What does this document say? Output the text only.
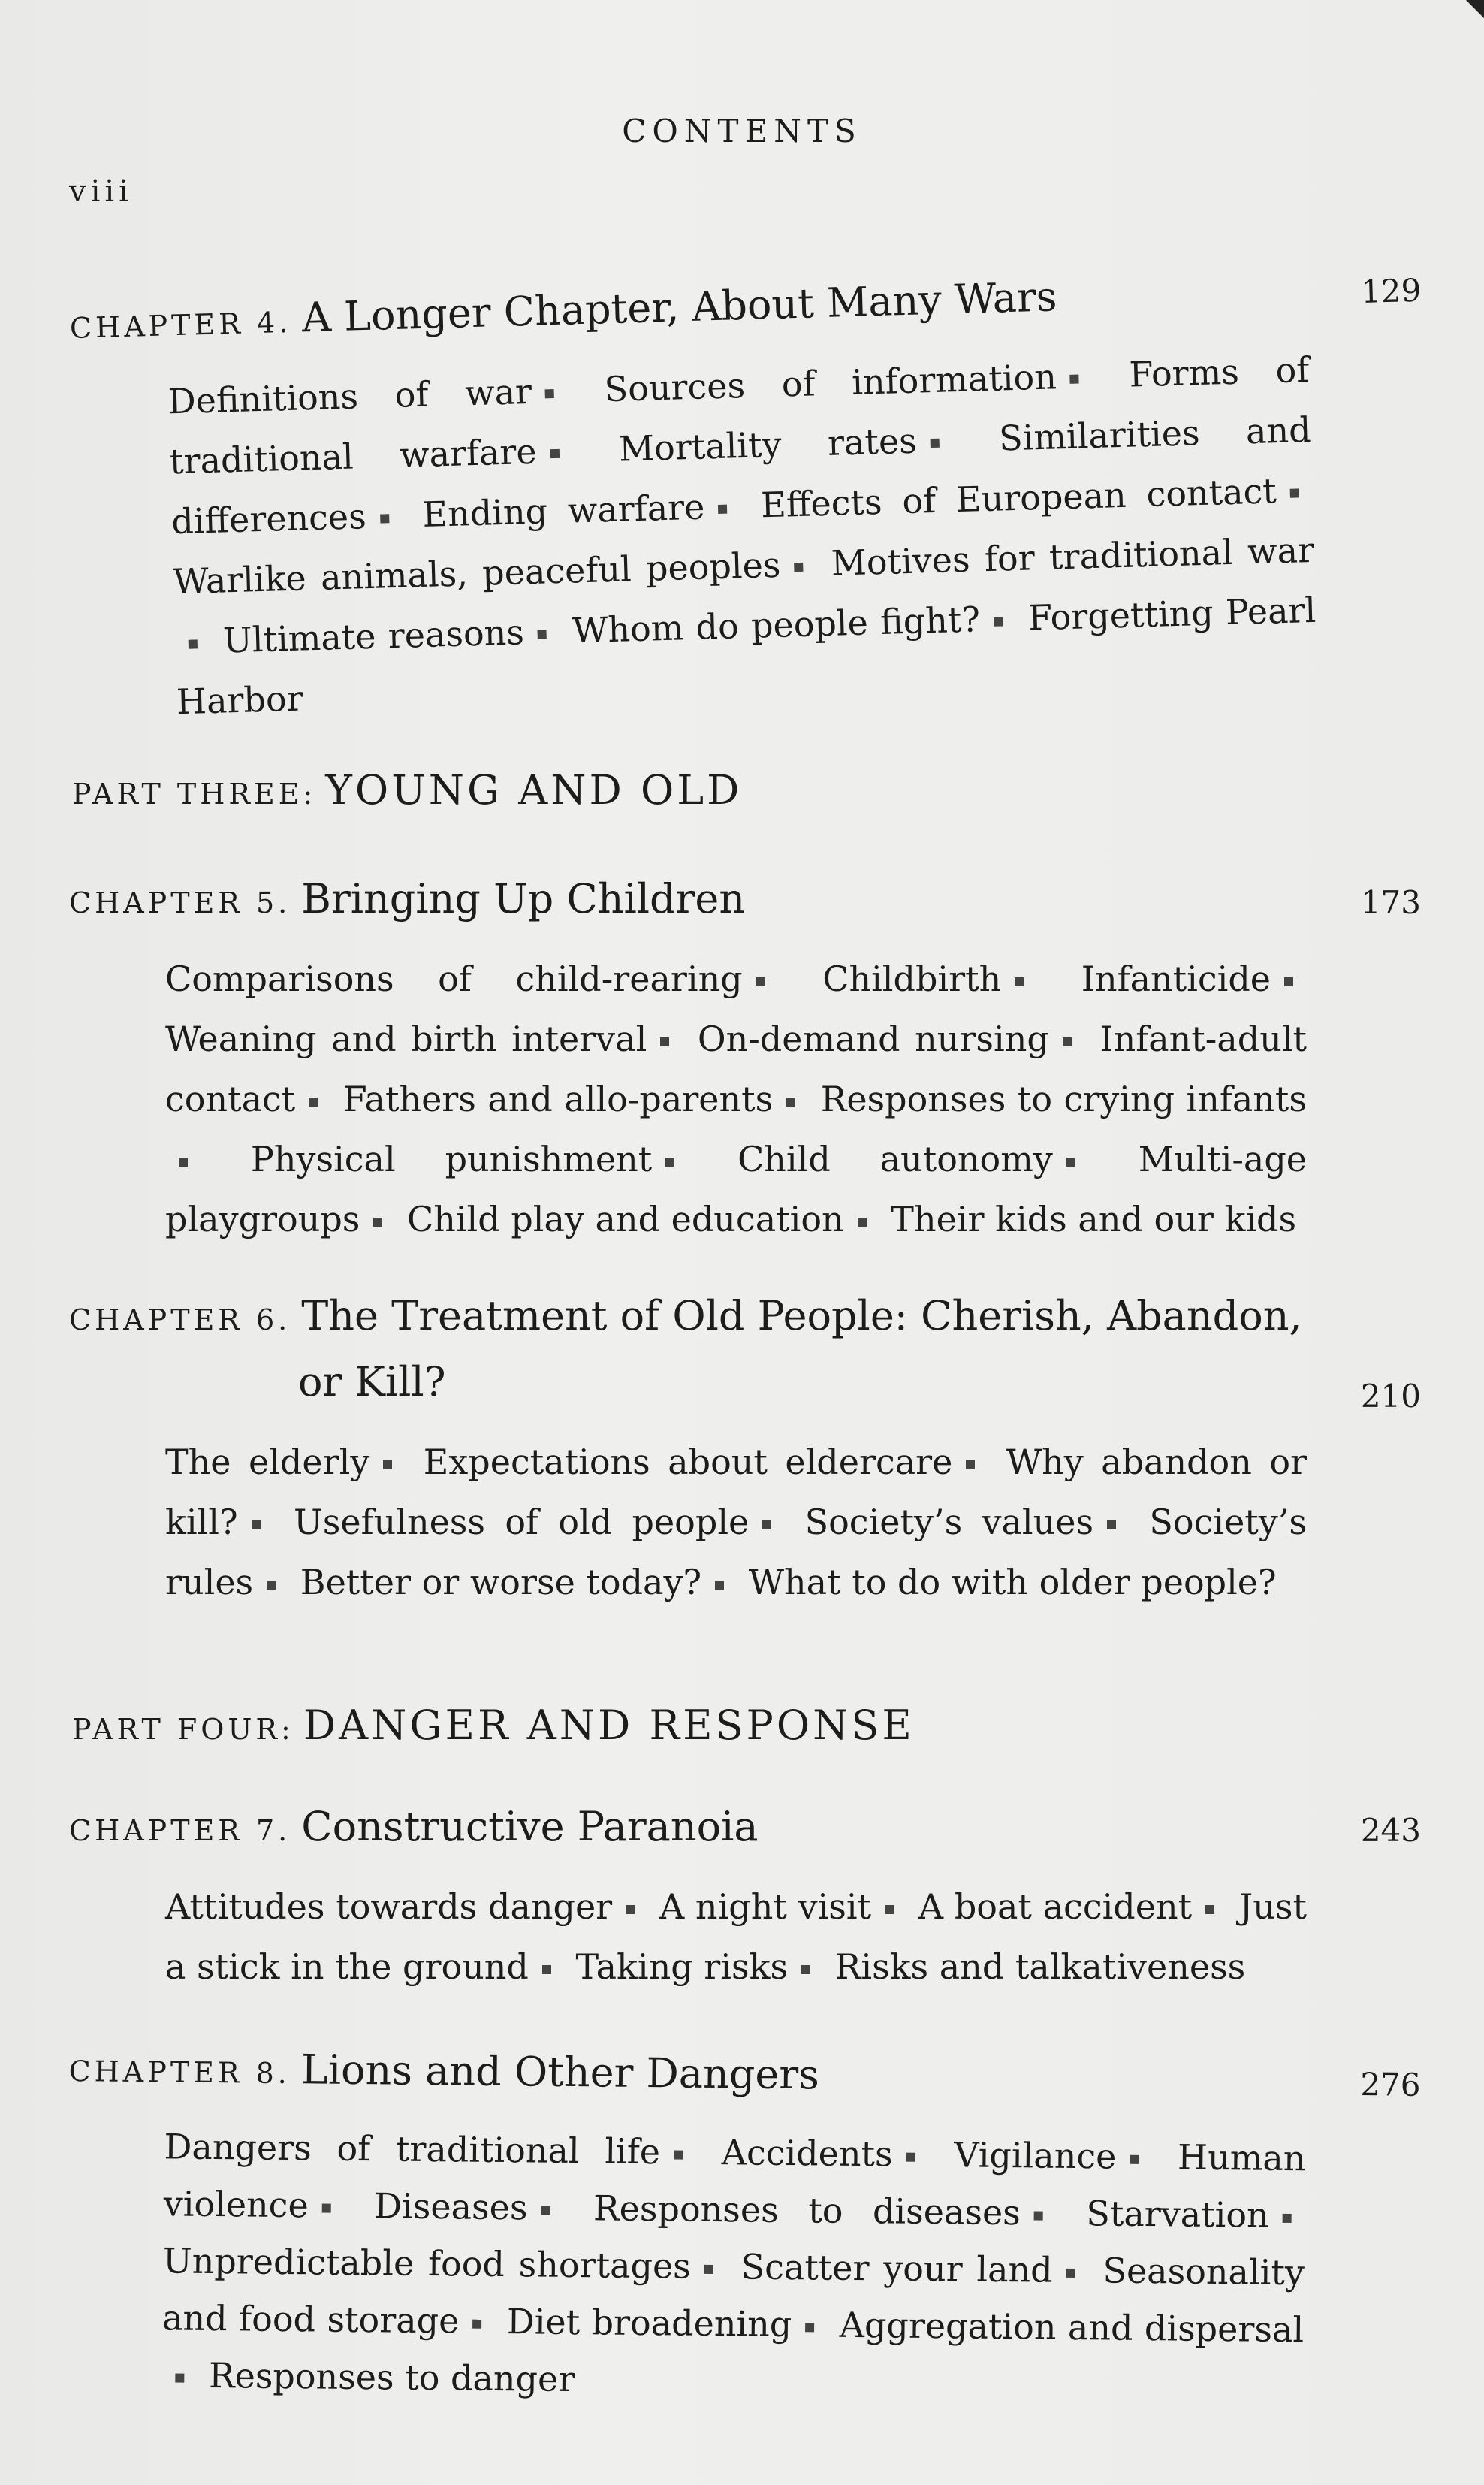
CONTENTS
viii
CHAPTER 4. A Longer Chapter, About Many Wars	129
Definitions of war Sources of information Forms of traditional warfare Mortality rates Similarities and differences Ending warfare Effects of European contact Warlike animals, peaceful peoples Motives for traditional war Ultimate reasons Whom do people fight? Forgetting Pearl Harbor
PART THREE: YOUNG AND OLD
CHAPTER 5. Bringing Up Children	173
Comparisons of child-rearing Childbirth Infanticide Weaning and birth interval On-demand nursing Infant-adult contact Fathers and allo-parents Responses to crying infants Physical punishment Child autonomy Multi-age playgroups Child play and education Their kids and our kids
CHAPTER 6. The Treatment of Old People: Cherish, Abandon,
or Kill?	210
The elderly Expectations about eldercare Why abandon or kill? Usefulness of old people Society’s values Society’s rules Better or worse today? What to do with older people?
PART FOUR: DANGER AND RESPONSE
CHAPTER 7. Constructive Paranoia	243
Attitudes towards danger A night visit A boat accident Just a stick in the ground Taking risks Risks and talkativeness
CHAPTER 8. Lions and Other Dangers	276
Dangers of traditional life Accidents Vigilance Human violence Diseases Responses to diseases Starvation Unpredictable food shortages Scatter your land Seasonality and food storage Diet broadening Aggregation and dispersal Responses to danger
